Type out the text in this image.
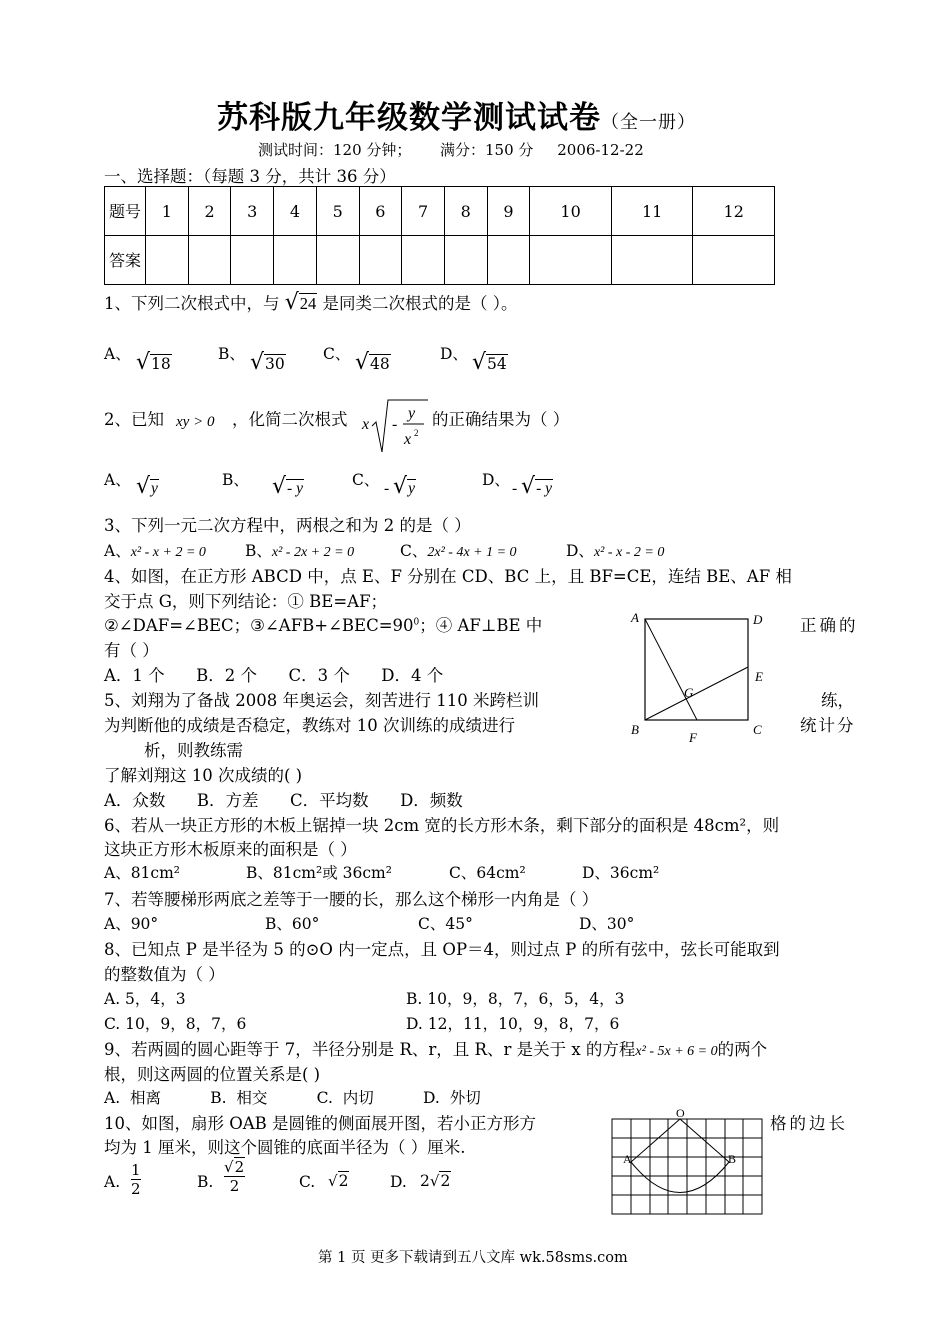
苏科版九年级数学测试试卷（全一册）
测试时间：120 分钟；      满分：150 分     2006-12-22
一、选择题：（每题 3 分，共计 36 分）
题号	1	2	3	4	5	6	7	8	9	10	11	12
答案												
1、下列二次根式中，与 √24 是同类二次根式的是（ ）。
A、 √18
B、 √30
C、 √48
D、 √54
2、已知 xy > 0 ，化简二次根式 x -
y
x 2
的正确结果为（ ）
A、 √y	B、 √- y	C、 - √y	D、 - √- y
3、下列一元二次方程中，两根之和为 2 的是（ ）
A、x² - x + 2 = 0	B、x² - 2x + 2 = 0	C、2x² - 4x + 1 = 0	D、x² - x - 2 = 0
4、如图，在正方形 ABCD 中，点 E、F 分别在 CD、BC 上，且 BF=CE，连结 BE、AF 相
交于点 G，则下列结论：① BE=AF；
②∠DAF=∠BEC；$③\angle AFB+\angle BEC=90^0$；④ AF⊥BE 中	正确的
有（ ）
A．1 个      B．2 个      C．3 个      D．4 个
A	D
E
G
B
F
C
5、刘翔为了备战 2008 年奥运会，刻苦进行 110 米跨栏训	练，
为判断他的成绩是否稳定，教练对 10 次训练的成绩进行	统计分
析，则教练需
了解刘翔这 10 次成绩的( )
A．众数      B．方差      C．平均数      D．频数
6、若从一块正方形的木板上锯掉一块 2cm 宽的长方形木条，剩下部分的面积是 48cm²，则
这块正方形木板原来的面积是（ ）
A、81cm²	B、81cm²或 36cm²	C、64cm²	D、36cm²
7、若等腰梯形两底之差等于一腰的长，那么这个梯形一内角是（ ）
A、90°	B、60°	C、45°	D、30°
8、已知点 P 是半径为 5 的⊙O 内一定点，且 OP＝4，则过点 P 的所有弦中，弦长可能取到
的整数值为（ ）
A. 5，4，3	B. 10，9，8，7，6，5，4，3
C. 10，9，8，7，6	D. 12，11，10，9，8，7，6
9、若两圆的圆心距等于 7，半径分别是 R、r，且 R、r 是关于 x 的方程x² - 5x + 6 = 0的两个
根，则这两圆的位置关系是( )
A.  相离          B.  相交          C.  内切          D.  外切
10、如图，扇形 OAB 是圆锥的侧面展开图，若小正方形方	格的边长
均为 1 厘米，则这个圆锥的底面半径为（ ）厘米.
A. $\frac{1}{2}$	B. $\frac{√2}{2}$	C. √2	D. 2√2
O
A	B
第 1 页 更多下载请到五八文库 wk.58sms.com
